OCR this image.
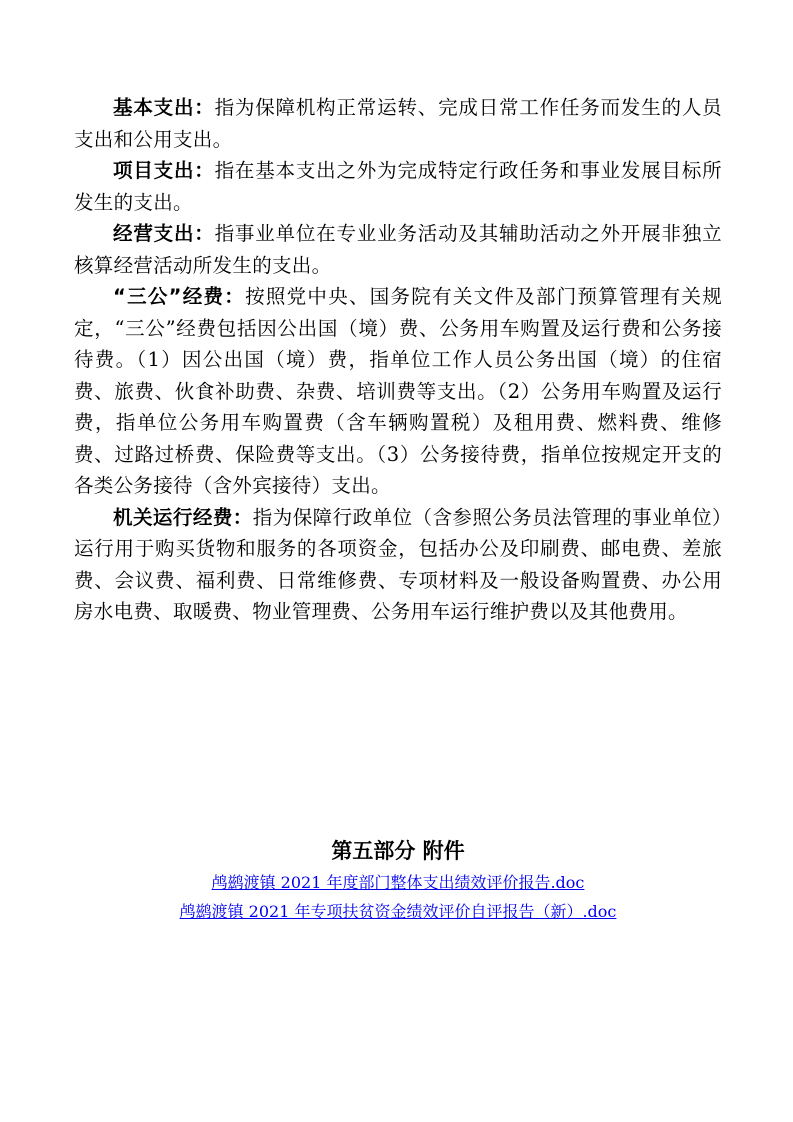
基本支出：指为保障机构正常运转、完成日常工作任务而发生的人员支出和公用支出。

项目支出：指在基本支出之外为完成特定行政任务和事业发展目标所发生的支出。

经营支出：指事业单位在专业业务活动及其辅助活动之外开展非独立核算经营活动所发生的支出。

“三公”经费：按照党中央、国务院有关文件及部门预算管理有关规定，“三公”经费包括因公出国（境）费、公务用车购置及运行费和公务接待费。（1）因公出国（境）费，指单位工作人员公务出国（境）的住宿费、旅费、伙食补助费、杂费、培训费等支出。（2）公务用车购置及运行费，指单位公务用车购置费（含车辆购置税）及租用费、燃料费、维修费、过路过桥费、保险费等支出。（3）公务接待费，指单位按规定开支的各类公务接待（含外宾接待）支出。

机关运行经费：指为保障行政单位（含参照公务员法管理的事业单位）运行用于购买货物和服务的各项资金，包括办公及印刷费、邮电费、差旅费、会议费、福利费、日常维修费、专项材料及一般设备购置费、办公用房水电费、取暖费、物业管理费、公务用车运行维护费以及其他费用。

第五部分 附件
鸬鹚渡镇 2021 年度部门整体支出绩效评价报告.doc
鸬鹚渡镇 2021 年专项扶贫资金绩效评价自评报告（新）.doc
